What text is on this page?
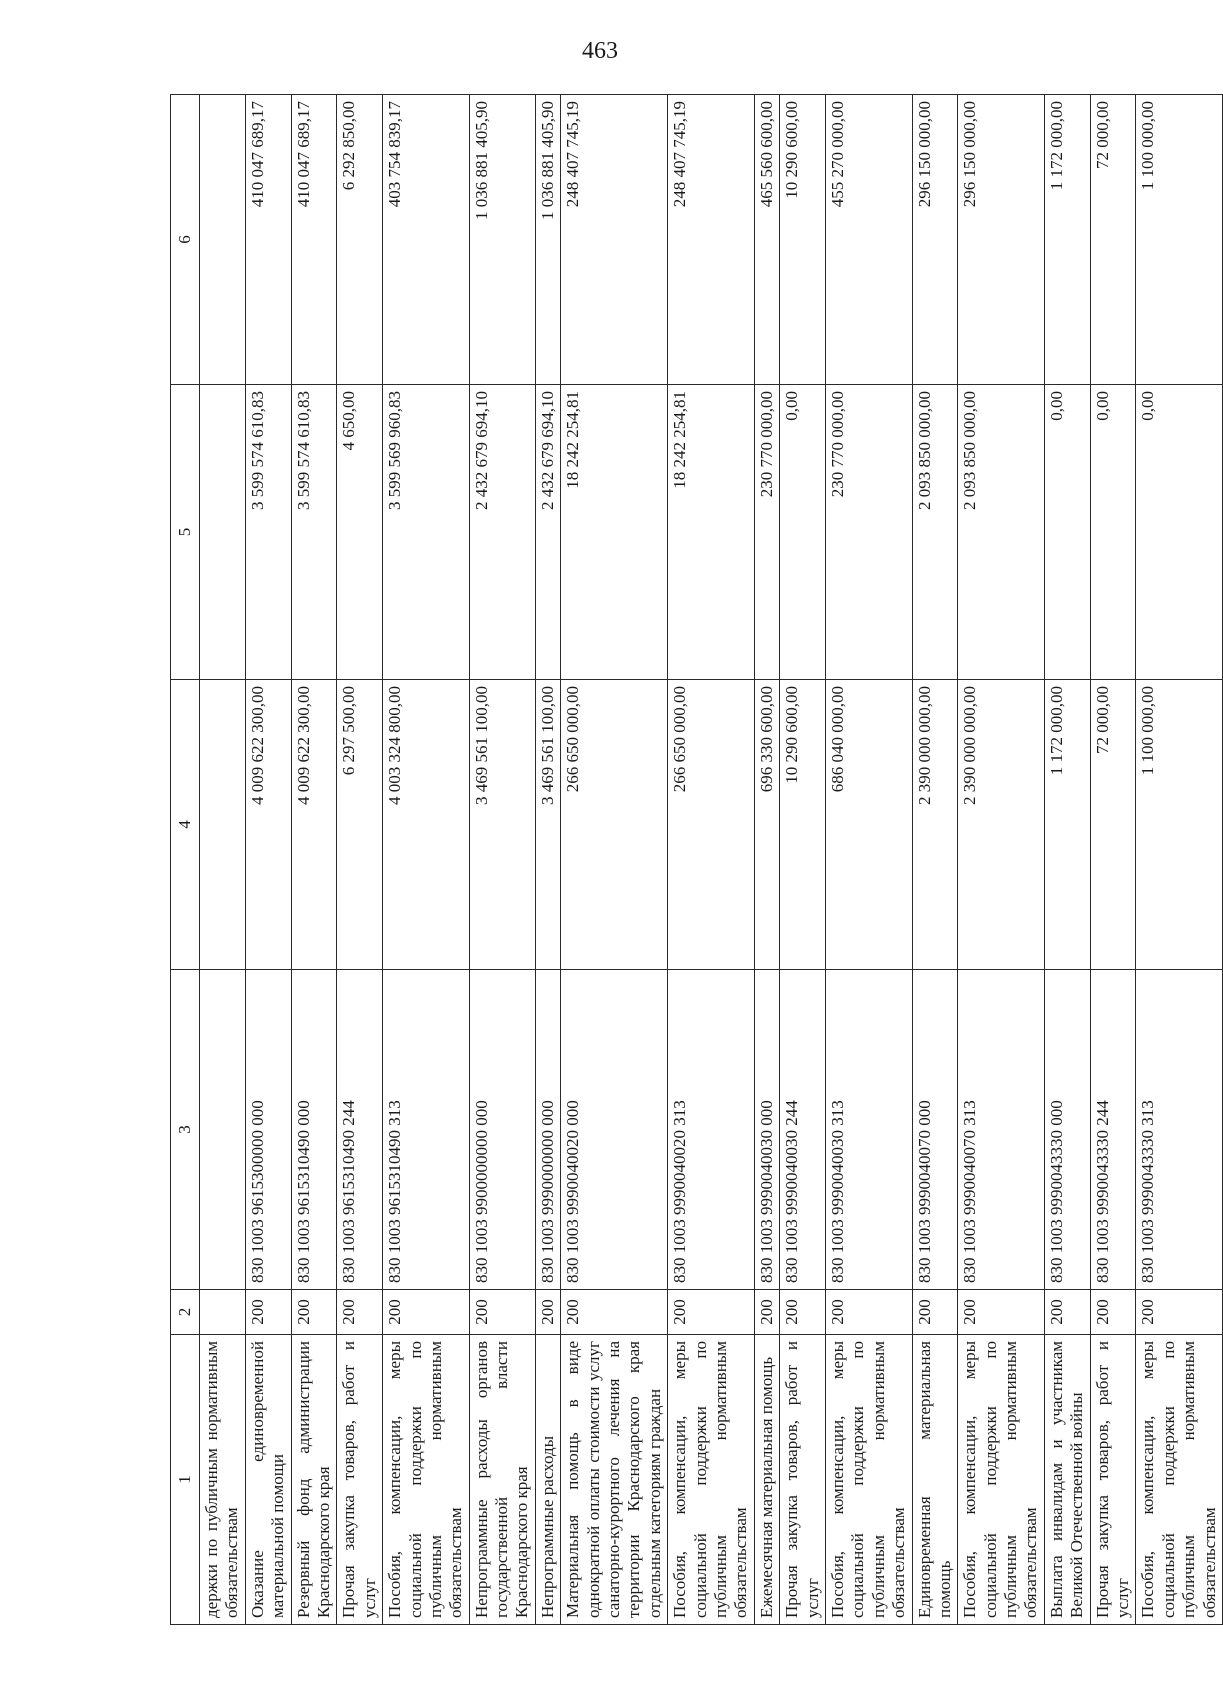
463
1	2	3	4	5	6
держки по публичным нормативным обязательствам					
Оказание единовременной материальной помощи	200	830 1003 9615300000 000	4 009 622 300,00	3 599 574 610,83	410 047 689,17
Резервный фонд администрации Краснодарского края	200	830 1003 9615310490 000	4 009 622 300,00	3 599 574 610,83	410 047 689,17
Прочая закупка товаров, работ и услуг	200	830 1003 9615310490 244	6 297 500,00	4 650,00	6 292 850,00
Пособия, компенсации, меры социальной поддержки по публичным нормативным обязательствам	200	830 1003 9615310490 313	4 003 324 800,00	3 599 569 960,83	403 754 839,17
Непрограммные расходы органов государственной власти Краснодарского края	200	830 1003 9900000000 000	3 469 561 100,00	2 432 679 694,10	1 036 881 405,90
Непрограммные расходы	200	830 1003 9990000000 000	3 469 561 100,00	2 432 679 694,10	1 036 881 405,90
Материальная помощь в виде однократной оплаты стоимости услуг санаторно-курортного лечения на территории Краснодарского края отдельным категориям граждан	200	830 1003 9990040020 000	266 650 000,00	18 242 254,81	248 407 745,19
Пособия, компенсации, меры социальной поддержки по публичным нормативным обязательствам	200	830 1003 9990040020 313	266 650 000,00	18 242 254,81	248 407 745,19
Ежемесячная материальная помощь	200	830 1003 9990040030 000	696 330 600,00	230 770 000,00	465 560 600,00
Прочая закупка товаров, работ и услуг	200	830 1003 9990040030 244	10 290 600,00	0,00	10 290 600,00
Пособия, компенсации, меры социальной поддержки по публичным нормативным обязательствам	200	830 1003 9990040030 313	686 040 000,00	230 770 000,00	455 270 000,00
Единовременная материальная помощь	200	830 1003 9990040070 000	2 390 000 000,00	2 093 850 000,00	296 150 000,00
Пособия, компенсации, меры социальной поддержки по публичным нормативным обязательствам	200	830 1003 9990040070 313	2 390 000 000,00	2 093 850 000,00	296 150 000,00
Выплата инвалидам и участникам Великой Отечественной войны	200	830 1003 9990043330 000	1 172 000,00	0,00	1 172 000,00
Прочая закупка товаров, работ и услуг	200	830 1003 9990043330 244	72 000,00	0,00	72 000,00
Пособия, компенсации, меры социальной поддержки по публичным нормативным обязательствам	200	830 1003 9990043330 313	1 100 000,00	0,00	1 100 000,00
